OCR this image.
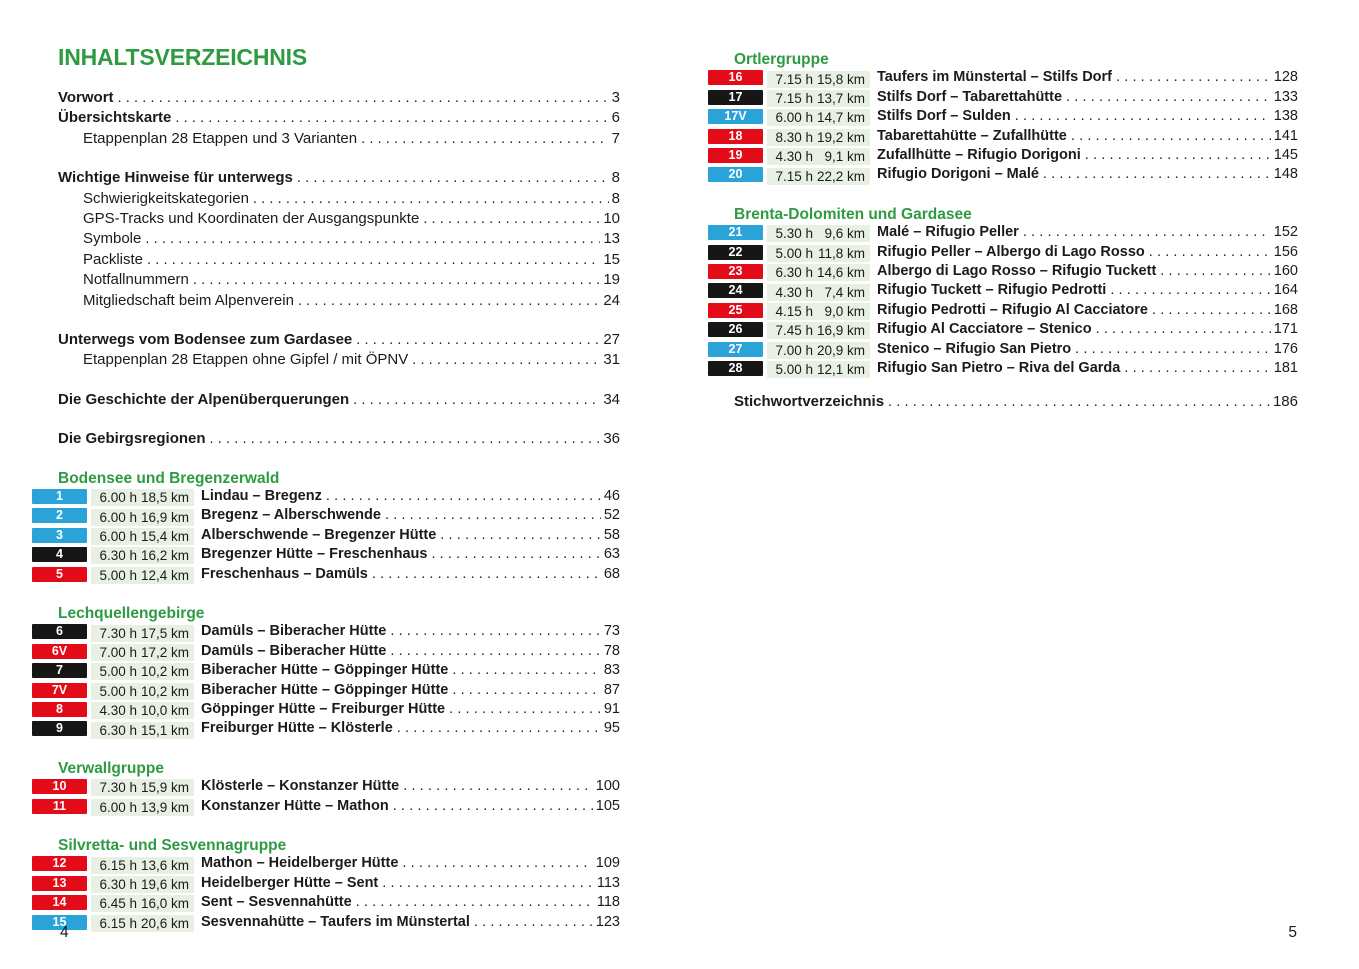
INHALTSVERZEICHNIS
Vorwort .....	3
Übersichtskarte .....	6
Etappenplan 28 Etappen und 3 Varianten .....	7
Wichtige Hinweise für unterwegs .....	8
Schwierigkeitskategorien .....	8
GPS-Tracks und Koordinaten der Ausgangspunkte .....	10
Symbole .....	13
Packliste .....	15
Notfallnummern .....	19
Mitgliedschaft beim Alpenverein .....	24
Unterwegs vom Bodensee zum Gardasee .....	27
Etappenplan 28 Etappen ohne Gipfel / mit ÖPNV .....	31
Die Geschichte der Alpenüberquerungen .....	34
Die Gebirgsregionen .....	36
Bodensee und Bregenzerwald
1	6.00 h 18,5 km Lindau – Bregenz .....	46
2	6.00 h 16,9 km Bregenz – Alberschwende .....	52
3	6.00 h 15,4 km Alberschwende – Bregenzer Hütte .....	58
4	6.30 h 16,2 km Bregenzer Hütte – Freschenhaus .....	63
5	5.00 h 12,4 km Freschenhaus – Damüls .....	68
Lechquellengebirge
6	7.30 h 17,5 km Damüls – Biberacher Hütte .....	73
6V	7.00 h 17,2 km Damüls – Biberacher Hütte .....	78
7	5.00 h 10,2 km Biberacher Hütte – Göppinger Hütte .....	83
7V	5.00 h 10,2 km Biberacher Hütte – Göppinger Hütte .....	87
8	4.30 h 10,0 km Göppinger Hütte – Freiburger Hütte .....	91
9	6.30 h 15,1 km Freiburger Hütte – Klösterle .....	95
Verwallgruppe
10	7.30 h 15,9 km Klösterle – Konstanzer Hütte .....	100
11	6.00 h 13,9 km Konstanzer Hütte – Mathon .....	105
Silvretta- und Sesvennagruppe
12	6.15 h 13,6 km Mathon – Heidelberger Hütte .....	109
13	6.30 h 19,6 km Heidelberger Hütte – Sent .....	113
14	6.45 h 16,0 km Sent – Sesvennahütte .....	118
15	6.15 h 20,6 km Sesvennahütte – Taufers im Münstertal .....	123
Ortlergruppe
16	7.15 h 15,8 km Taufers im Münstertal – Stilfs Dorf .....	128
17	7.15 h 13,7 km Stilfs Dorf – Tabarettahütte .....	133
17V	6.00 h 14,7 km Stilfs Dorf – Sulden .....	138
18	8.30 h 19,2 km Tabarettahütte – Zufallhütte .....	141
19	4.30 h 9,1 km Zufallhütte – Rifugio Dorigoni .....	145
20	7.15 h 22,2 km Rifugio Dorigoni – Malé .....	148
Brenta-Dolomiten und Gardasee
21	5.30 h 9,6 km Malé – Rifugio Peller .....	152
22	5.00 h 11,8 km Rifugio Peller – Albergo di Lago Rosso .....	156
23	6.30 h 14,6 km Albergo di Lago Rosso – Rifugio Tuckett .....	160
24	4.30 h 7,4 km Rifugio Tuckett – Rifugio Pedrotti .....	164
25	4.15 h 9,0 km Rifugio Pedrotti – Rifugio Al Cacciatore .....	168
26	7.45 h 16,9 km Rifugio Al Cacciatore – Stenico .....	171
27	7.00 h 20,9 km Stenico – Rifugio San Pietro .....	176
28	5.00 h 12,1 km Rifugio San Pietro – Riva del Garda .....	181
Stichwortverzeichnis .....	186
4	5
